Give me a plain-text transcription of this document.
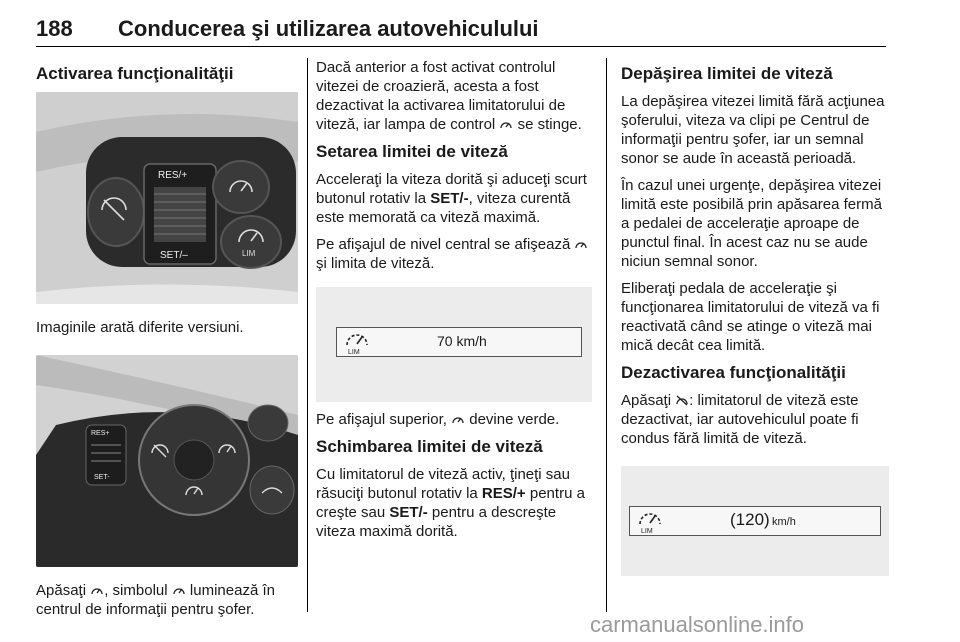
188 Conducerea şi utilizarea autovehiculului
Activarea funcţionalităţii
RES/+
SET/–	LIM

Imaginile arată diferite versiuni.

RES+
SET-

Apăsaţi , simbolul luminează în centrul de informaţii pentru şofer.

Dacă anterior a fost activat controlul vitezei de croazieră, acesta a fost dezactivat la activarea limitatorului de viteză, iar lampa de control se stinge.

Setarea limitei de viteză

Acceleraţi la viteza dorită şi aduceţi scurt butonul rotativ la SET/-, viteza curentă este memorată ca viteză maximă.

Pe afişajul de nivel central se afişează  şi limita de viteză.

LIM
70 km/h

Pe afişajul superior, devine verde.

Schimbarea limitei de viteză

Cu limitatorul de viteză activ, ţineţi sau răsuciţi butonul rotativ la RES/+ pentru a creşte sau SET/- pentru a descreşte viteza maximă dorită.

Depăşirea limitei de viteză

La depăşirea vitezei limită fără acţiunea şoferului, viteza va clipi pe Centrul de informaţii pentru şofer, iar un semnal sonor se aude în această perioadă.

În cazul unei urgenţe, depăşirea vitezei limită este posibilă prin apăsarea fermă a pedalei de acceleraţie aproape de punctul final. În acest caz nu se aude niciun semnal sonor.

Eliberaţi pedala de acceleraţie şi funcţionarea limitatorului de viteză va fi reactivată când se atinge o viteză mai mică decât cea limită.

Dezactivarea funcţionalităţii

Apăsaţi : limitatorul de viteză este dezactivat, iar autovehiculul poate fi condus fără limită de viteză.

LIM
(120) km/h
carmanualsonline.info
